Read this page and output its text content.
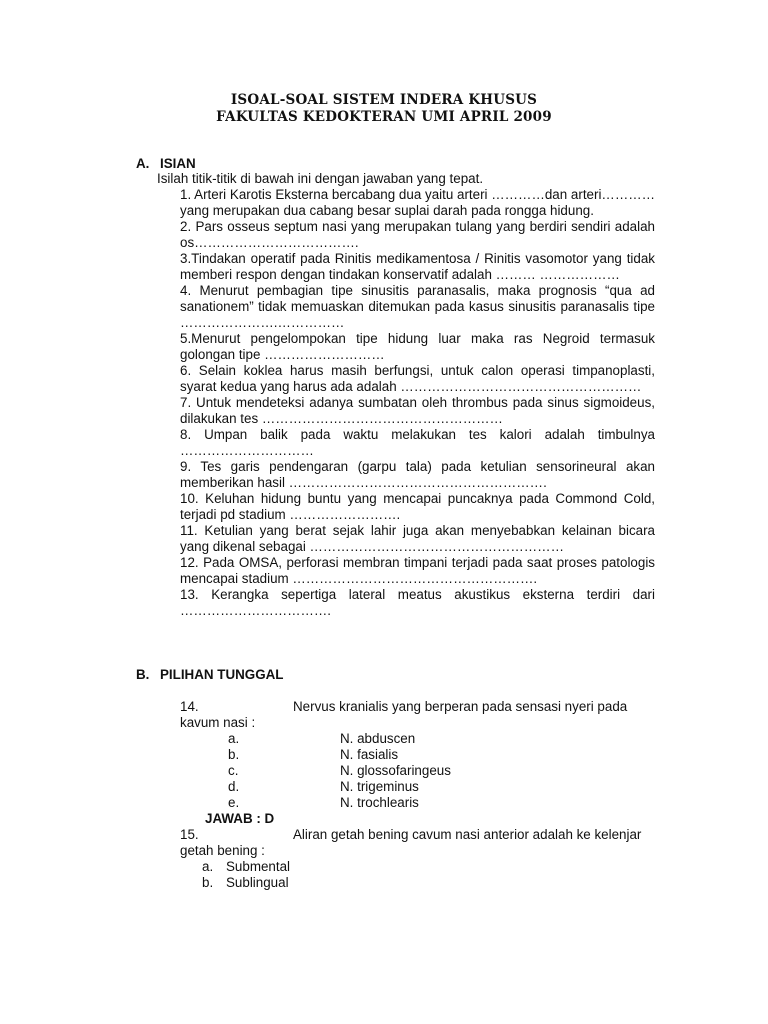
ISOAL-SOAL SISTEM INDERA KHUSUS
FAKULTAS KEDOKTERAN UMI APRIL 2009
A. ISIAN
Isilah titik-titik di bawah ini dengan jawaban yang tepat.
1. Arteri Karotis Eksterna bercabang dua yaitu arteri …………dan arteri…………yang merupakan dua cabang besar suplai darah pada rongga hidung.
2. Pars osseus septum nasi yang merupakan tulang yang berdiri sendiri adalah os……………………………….
3.Tindakan operatif pada Rinitis medikamentosa / Rinitis vasomotor yang tidak memberi respon dengan tindakan konservatif adalah ……… ………………
4. Menurut pembagian tipe sinusitis paranasalis, maka prognosis “qua ad sanationem” tidak memuaskan ditemukan pada kasus sinusitis paranasalis tipe ………………….……………
5.Menurut pengelompokan tipe hidung luar maka ras Negroid termasuk golongan tipe ………………………
6. Selain koklea harus masih berfungsi, untuk calon operasi timpanoplasti, syarat kedua yang harus ada adalah ………………………………………………
7. Untuk mendeteksi adanya sumbatan oleh thrombus pada sinus sigmoideus, dilakukan tes ………………………………………………
8. Umpan balik pada waktu melakukan tes kalori adalah timbulnya …………………………
9. Tes garis pendengaran (garpu tala) pada ketulian sensorineural akan memberikan hasil ………………………………………………….
10. Keluhan hidung buntu yang mencapai puncaknya pada Commond Cold, terjadi pd stadium …………………….
11. Ketulian yang berat sejak lahir juga akan menyebabkan kelainan bicara yang dikenal sebagai …………………………………………………
12. Pada OMSA, perforasi membran timpani terjadi pada saat proses patologis mencapai stadium ……………………………………………….
13. Kerangka sepertiga lateral meatus akustikus eksterna terdiri dari …………………………….
B. PILIHAN TUNGGAL
14.	Nervus kranialis yang berperan pada sensasi nyeri pada
kavum nasi :
a.	N. abduscen
b.	N. fasialis
c.	N. glossofaringeus
d.	N. trigeminus
e.	N. trochlearis
JAWAB : D
15.	Aliran getah bening cavum nasi anterior adalah ke kelenjar
getah bening :
a. Submental
b. Sublingual
